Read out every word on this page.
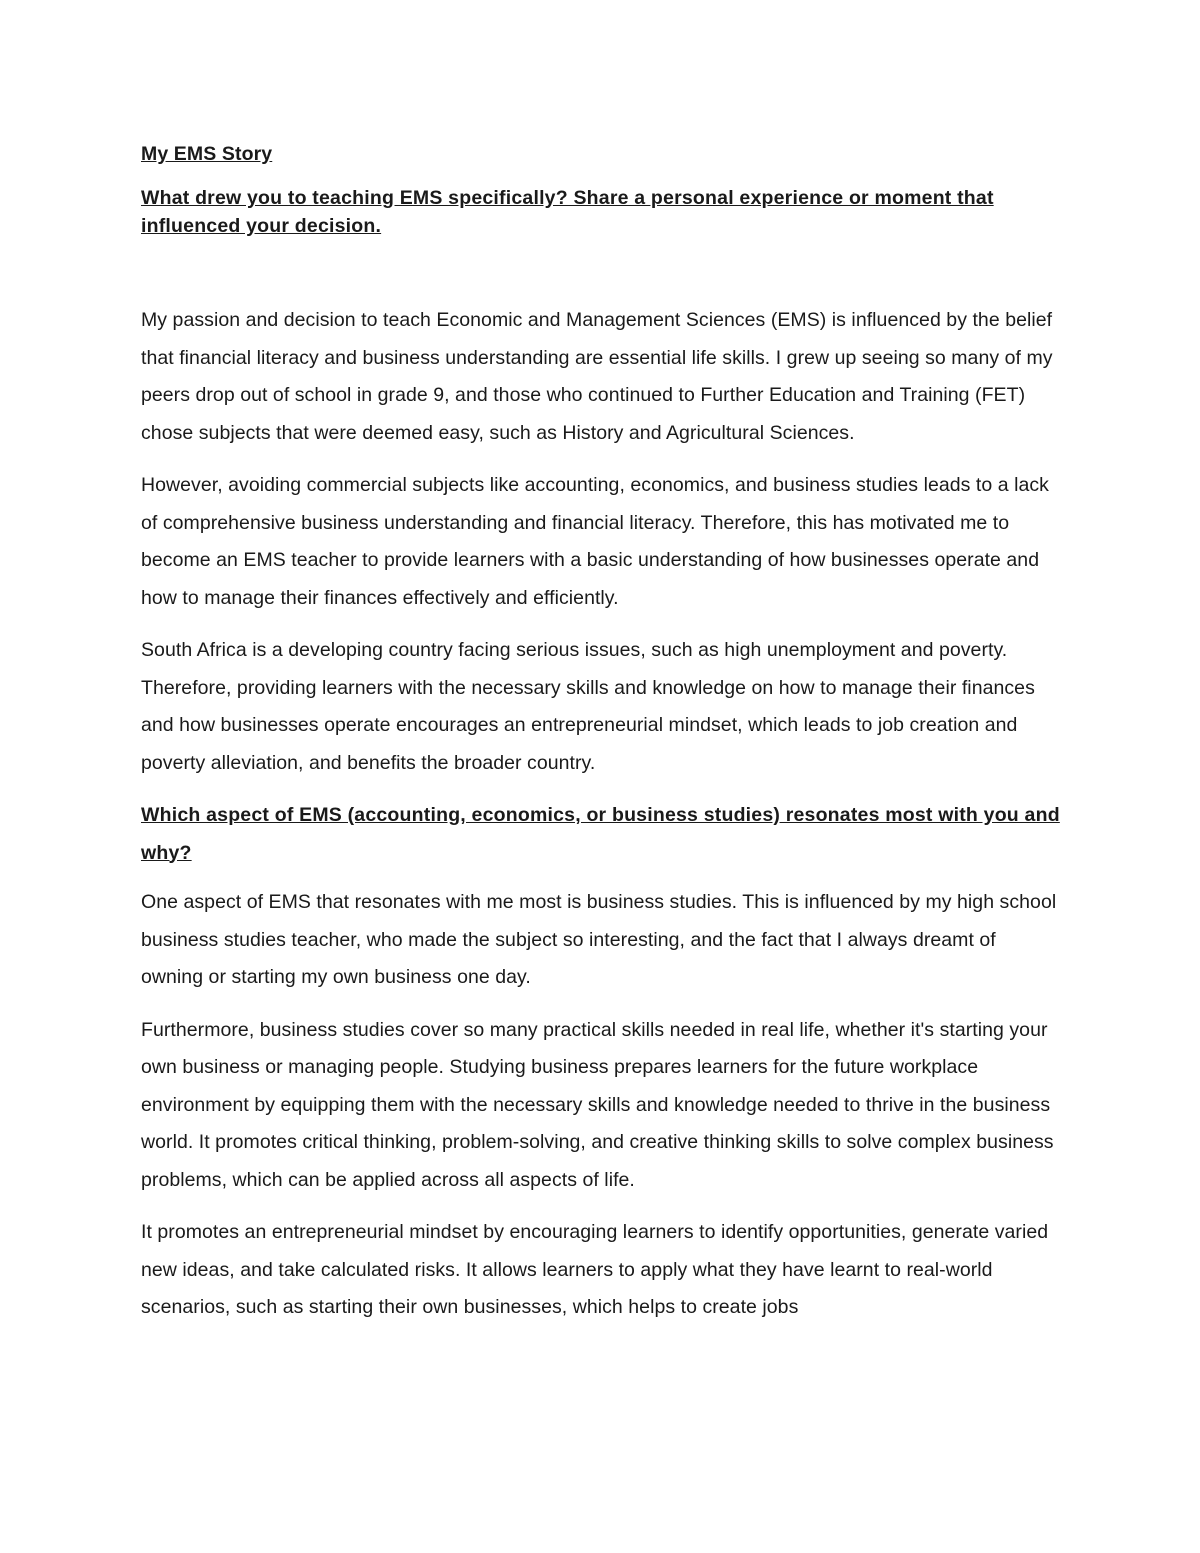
My EMS Story

What drew you to teaching EMS specifically? Share a personal experience or moment that influenced your decision.

My passion and decision to teach Economic and Management Sciences (EMS) is influenced by the belief that financial literacy and business understanding are essential life skills. I grew up seeing so many of my peers drop out of school in grade 9, and those who continued to Further Education and Training (FET) chose subjects that were deemed easy, such as History and Agricultural Sciences.

However, avoiding commercial subjects like accounting, economics, and business studies leads to a lack of comprehensive business understanding and financial literacy. Therefore, this has motivated me to become an EMS teacher to provide learners with a basic understanding of how businesses operate and how to manage their finances effectively and efficiently.

South Africa is a developing country facing serious issues, such as high unemployment and poverty. Therefore, providing learners with the necessary skills and knowledge on how to manage their finances and how businesses operate encourages an entrepreneurial mindset, which leads to job creation and poverty alleviation, and benefits the broader country.

Which aspect of EMS (accounting, economics, or business studies) resonates most with you and why?

One aspect of EMS that resonates with me most is business studies. This is influenced by my high school business studies teacher, who made the subject so interesting, and the fact that I always dreamt of owning or starting my own business one day.

Furthermore, business studies cover so many practical skills needed in real life, whether it's starting your own business or managing people. Studying business prepares learners for the future workplace environment by equipping them with the necessary skills and knowledge needed to thrive in the business world. It promotes critical thinking, problem-solving, and creative thinking skills to solve complex business problems, which can be applied across all aspects of life.

It promotes an entrepreneurial mindset by encouraging learners to identify opportunities, generate varied new ideas, and take calculated risks. It allows learners to apply what they have learnt to real-world scenarios, such as starting their own businesses, which helps to create jobs
